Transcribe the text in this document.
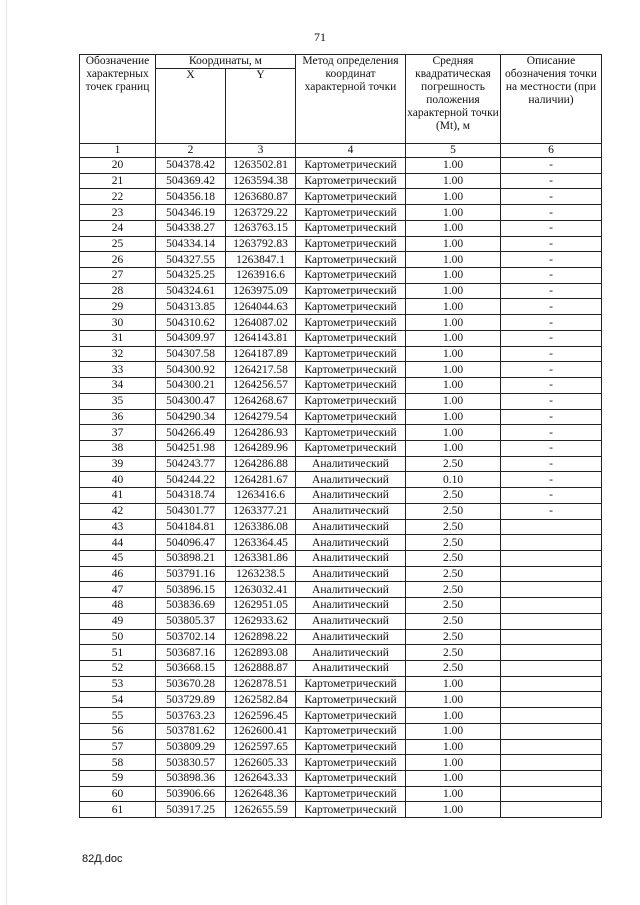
71
Обозначение характерных точек границ	Координаты, м		Метод определения координат характерной точки	Средняя квадратическая погрешность положения характерной точки (Mt), м	Описание обозначения точки на местности (при наличии)
	X	Y			
1	2	3	4	5	6
20	504378.42	1263502.81	Картометрический	1.00	-
21	504369.42	1263594.38	Картометрический	1.00	-
22	504356.18	1263680.87	Картометрический	1.00	-
23	504346.19	1263729.22	Картометрический	1.00	-
24	504338.27	1263763.15	Картометрический	1.00	-
25	504334.14	1263792.83	Картометрический	1.00	-
26	504327.55	1263847.1	Картометрический	1.00	-
27	504325.25	1263916.6	Картометрический	1.00	-
28	504324.61	1263975.09	Картометрический	1.00	-
29	504313.85	1264044.63	Картометрический	1.00	-
30	504310.62	1264087.02	Картометрический	1.00	-
31	504309.97	1264143.81	Картометрический	1.00	-
32	504307.58	1264187.89	Картометрический	1.00	-
33	504300.92	1264217.58	Картометрический	1.00	-
34	504300.21	1264256.57	Картометрический	1.00	-
35	504300.47	1264268.67	Картометрический	1.00	-
36	504290.34	1264279.54	Картометрический	1.00	-
37	504266.49	1264286.93	Картометрический	1.00	-
38	504251.98	1264289.96	Картометрический	1.00	-
39	504243.77	1264286.88	Аналитический	2.50	-
40	504244.22	1264281.67	Аналитический	0.10	-
41	504318.74	1263416.6	Аналитический	2.50	-
42	504301.77	1263377.21	Аналитический	2.50	-
43	504184.81	1263386.08	Аналитический	2.50	
44	504096.47	1263364.45	Аналитический	2.50	
45	503898.21	1263381.86	Аналитический	2.50	
46	503791.16	1263238.5	Аналитический	2.50	
47	503896.15	1263032.41	Аналитический	2.50	
48	503836.69	1262951.05	Аналитический	2.50	
49	503805.37	1262933.62	Аналитический	2.50	
50	503702.14	1262898.22	Аналитический	2.50	
51	503687.16	1262893.08	Аналитический	2.50	
52	503668.15	1262888.87	Аналитический	2.50	
53	503670.28	1262878.51	Картометрический	1.00	
54	503729.89	1262582.84	Картометрический	1.00	
55	503763.23	1262596.45	Картометрический	1.00	
56	503781.62	1262600.41	Картометрический	1.00	
57	503809.29	1262597.65	Картометрический	1.00	
58	503830.57	1262605.33	Картометрический	1.00	
59	503898.36	1262643.33	Картометрический	1.00	
60	503906.66	1262648.36	Картометрический	1.00	
61	503917.25	1262655.59	Картометрический	1.00	
82Д.doc
